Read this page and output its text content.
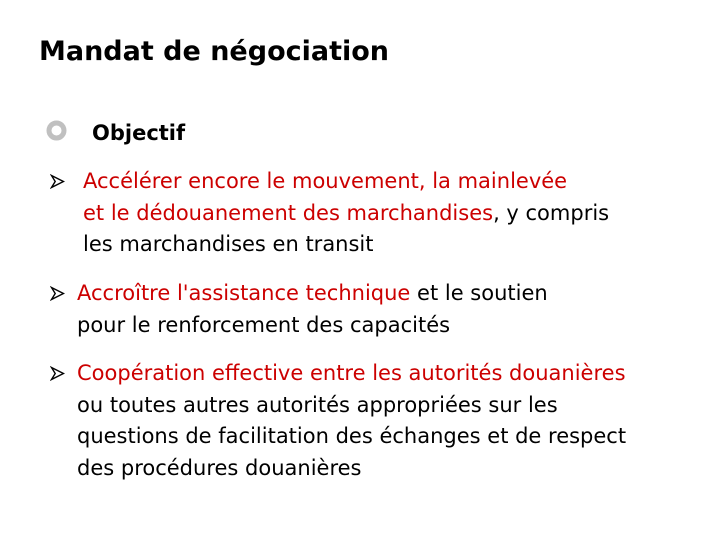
Mandat de négociation
Objectif

Accélérer encore le mouvement, la mainlevée
et le dédouanement des marchandises, y compris
les marchandises en transit

Accroître l'assistance technique et le soutien
pour le renforcement des capacités

Coopération effective entre les autorités douanières
ou toutes autres autorités appropriées sur les
questions de facilitation des échanges et de respect
des procédures douanières
